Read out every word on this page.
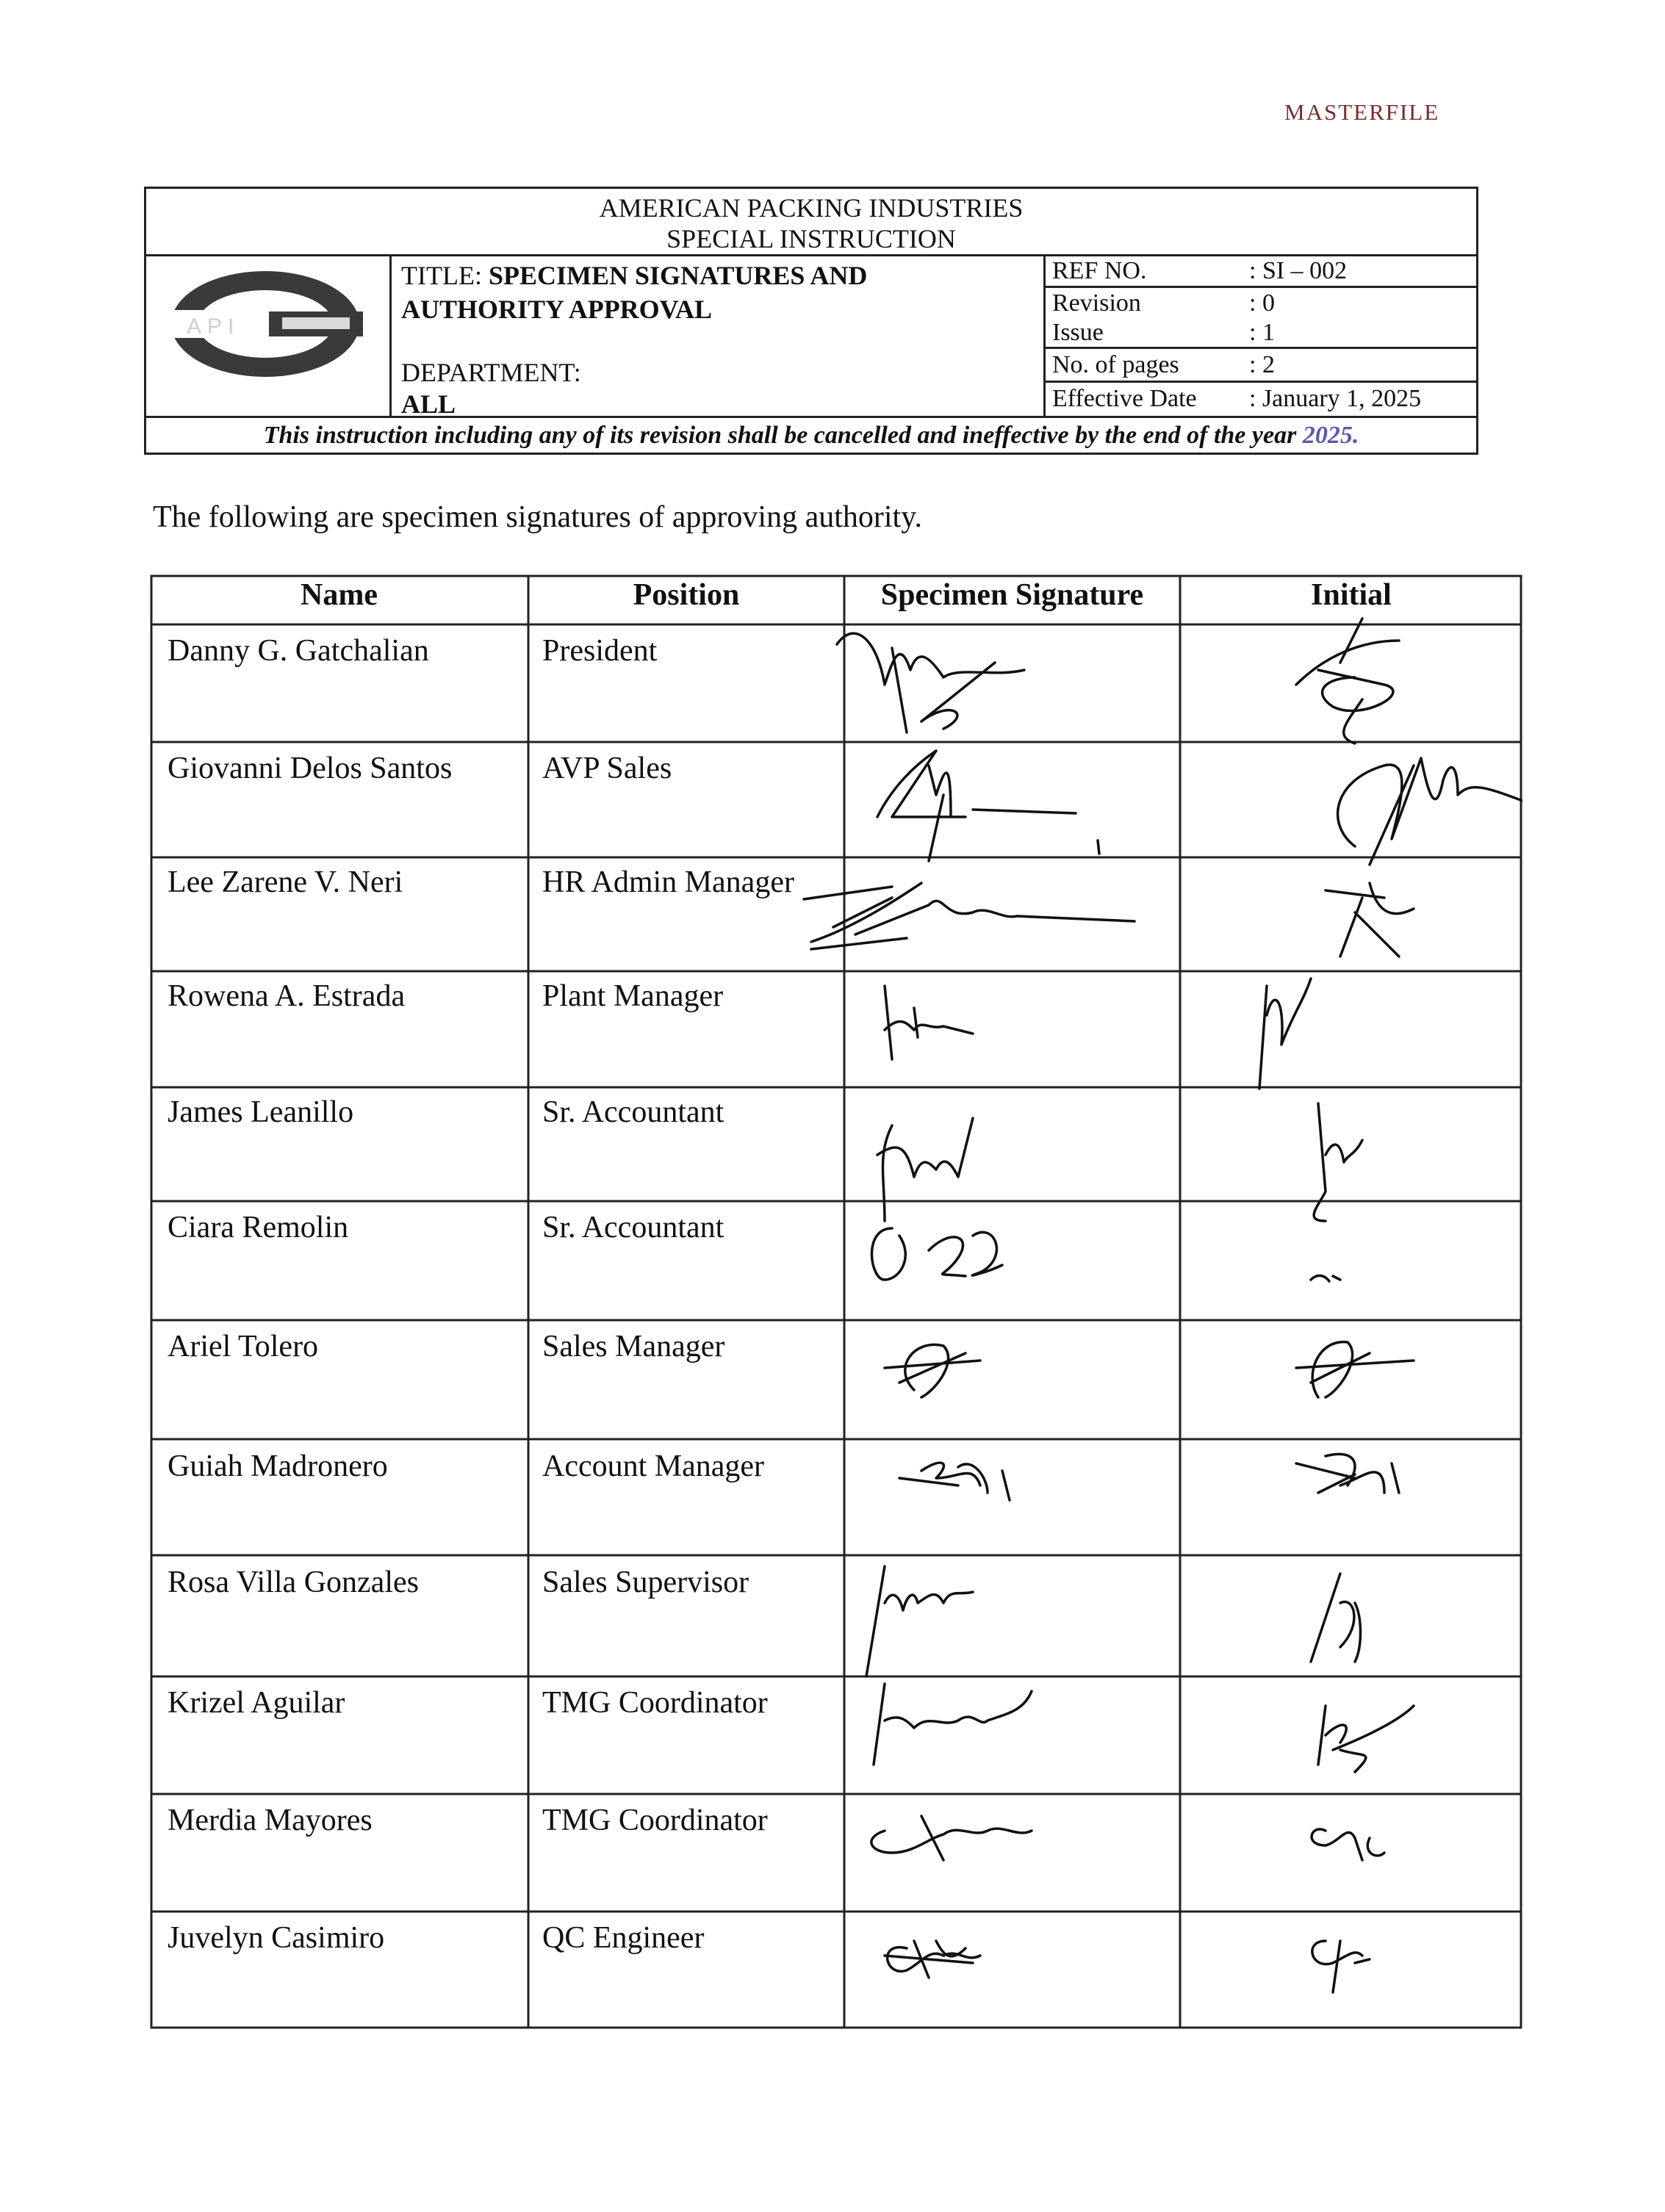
MASTERFILE
AMERICAN PACKING INDUSTRIES
SPECIAL INSTRUCTION
TITLE: SPECIMEN SIGNATURES AND
AUTHORITY APPROVAL
DEPARTMENT:
ALL
REF NO.	: SI – 002
Revision	: 0
Issue	: 1
No. of pages	: 2
Effective Date : January 1, 2025
This instruction including any of its revision shall be cancelled and ineffective by the end of the year 2025.
API
The following are specimen signatures of approving authority.
Name	Position	Specimen Signature	Initial
Danny G. Gatchalian	President
Giovanni Delos Santos	AVP Sales
Lee Zarene V. Neri	HR Admin Manager
Rowena A. Estrada	Plant Manager
James Leanillo	Sr. Accountant
Ciara Remolin	Sr. Accountant
Ariel Tolero	Sales Manager
Guiah Madronero	Account Manager
Rosa Villa Gonzales	Sales Supervisor
Krizel Aguilar	TMG Coordinator
Merdia Mayores	TMG Coordinator
Juvelyn Casimiro	QC Engineer
